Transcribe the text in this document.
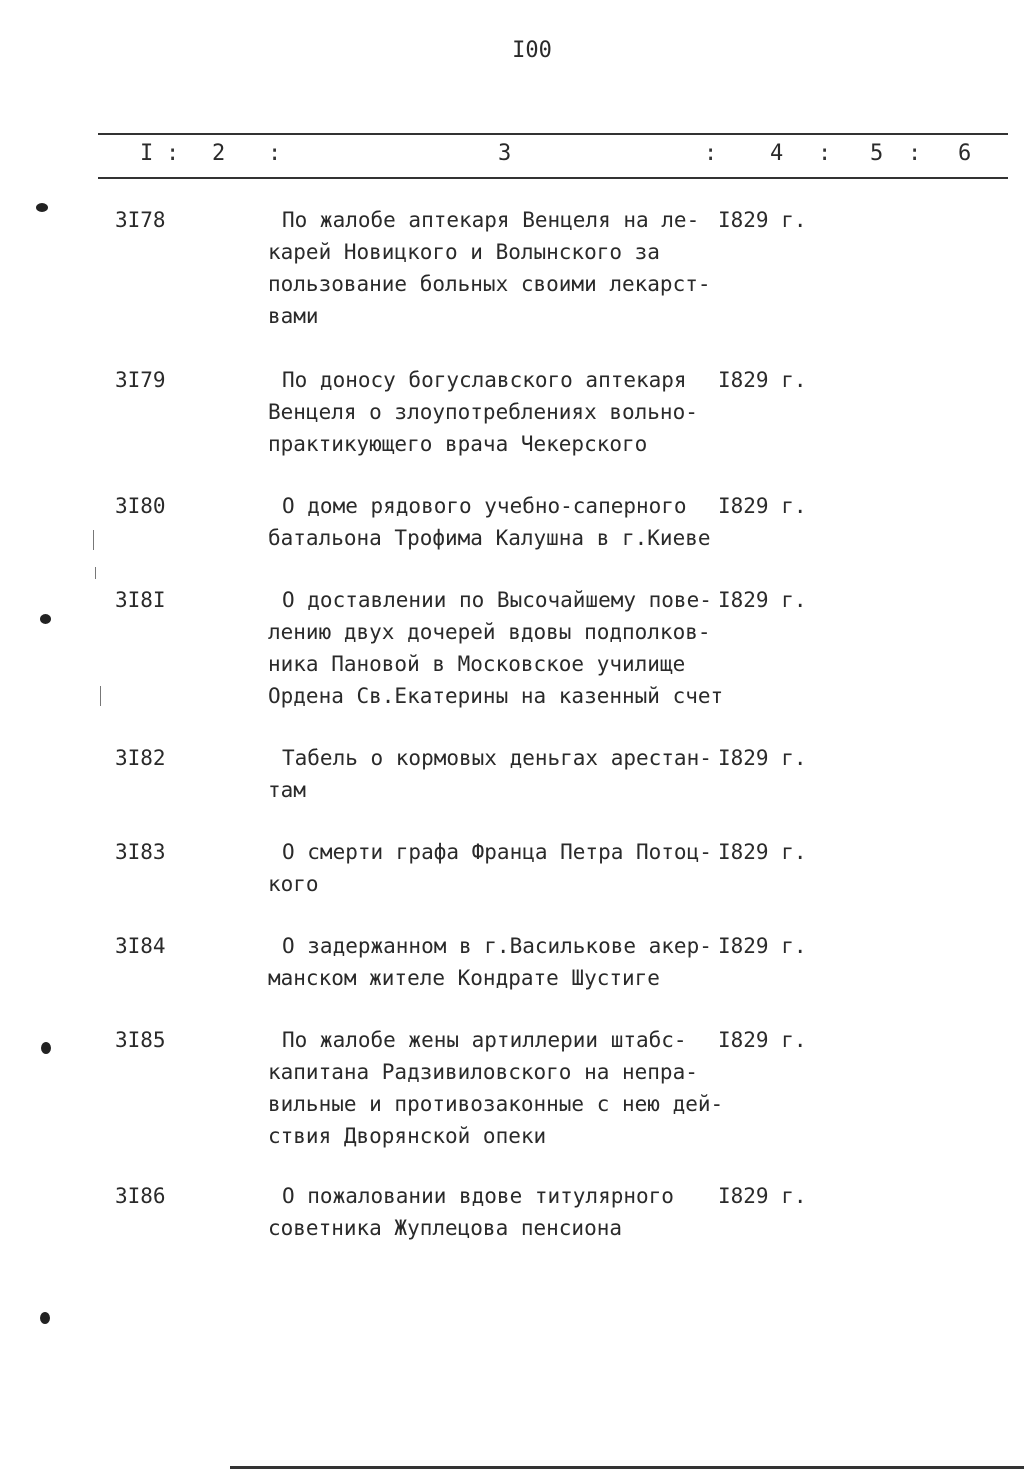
I00
I : 2 :	3	: 4 : 5 : 6
3I78	По жалобе аптекаря Венцеля на ле-
карей Новицкого и Волынского за
пользование больных своими лекарст-
вами
I829 г.
3I79	По доносу богуславского аптекаря
Венцеля о злоупотреблениях вольно-
практикующего врача Чекерского
I829 г.
3I80	О доме рядового учебно-саперного
батальона Трофима Калушна в г.Киеве
I829 г.
3I8I	О доставлении по Высочайшему пове-
лению двух дочерей вдовы подполков-
ника Пановой в Московское училище
Ордена Св.Екатерины на казенный счет
I829 г.
3I82	Табель о кормовых деньгах арестан-
там
I829 г.
3I83	О смерти графа Франца Петра Потоц-
кого
I829 г.
3I84	О задержанном в г.Василькове акер-
манском жителе Кондрате Шустиге
I829 г.
3I85	По жалобе жены артиллерии штабс-
капитана Радзивиловского на непра-
вильные и противозаконные с нею дей-
ствия Дворянской опеки
I829 г.
3I86	О пожаловании вдове титулярного
советника Жуплецова пенсиона
I829 г.
